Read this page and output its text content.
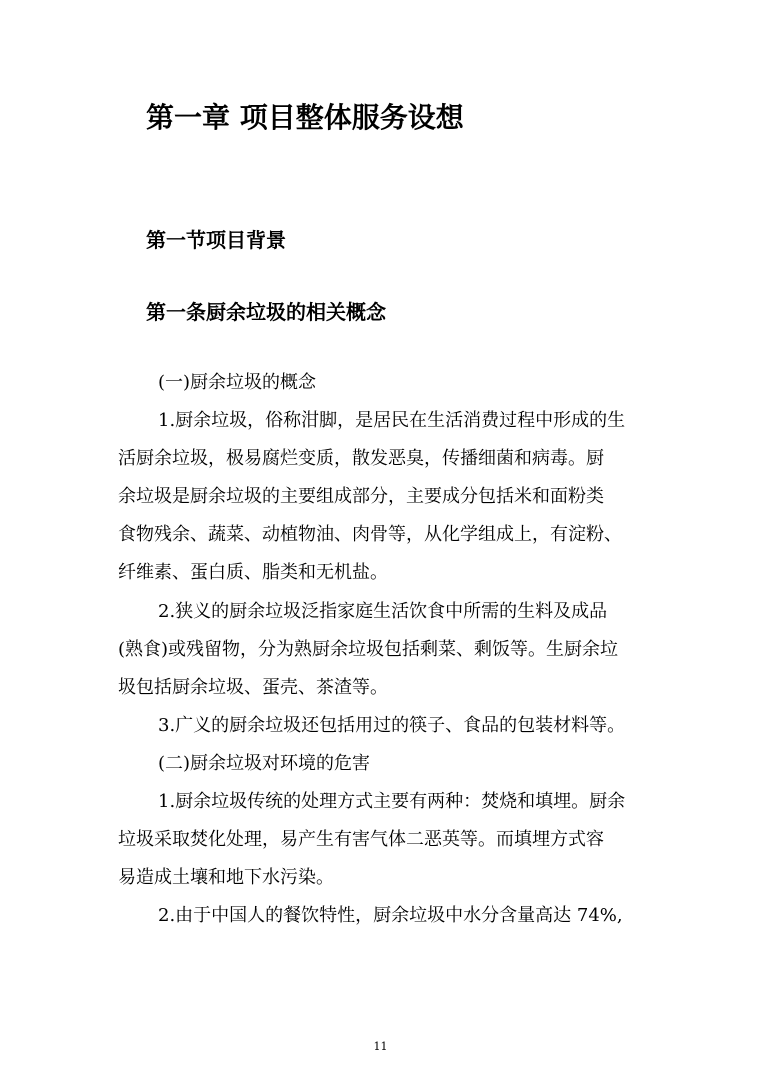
第一章 项目整体服务设想
第一节项目背景
第一条厨余垃圾的相关概念
(一)厨余垃圾的概念
1.厨余垃圾，俗称泔脚，是居民在生活消费过程中形成的生
活厨余垃圾，极易腐烂变质，散发恶臭，传播细菌和病毒。厨
余垃圾是厨余垃圾的主要组成部分，主要成分包括米和面粉类
食物残余、蔬菜、动植物油、肉骨等，从化学组成上，有淀粉、
纤维素、蛋白质、脂类和无机盐。
2.狭义的厨余垃圾泛指家庭生活饮食中所需的生料及成品
(熟食)或残留物，分为熟厨余垃圾包括剩菜、剩饭等。生厨余垃
圾包括厨余垃圾、蛋壳、茶渣等。
3.广义的厨余垃圾还包括用过的筷子、食品的包装材料等。
(二)厨余垃圾对环境的危害
1.厨余垃圾传统的处理方式主要有两种：焚烧和填埋。厨余
垃圾采取焚化处理，易产生有害气体二恶英等。而填埋方式容
易造成土壤和地下水污染。
2.由于中国人的餐饮特性，厨余垃圾中水分含量高达 74%,
11
